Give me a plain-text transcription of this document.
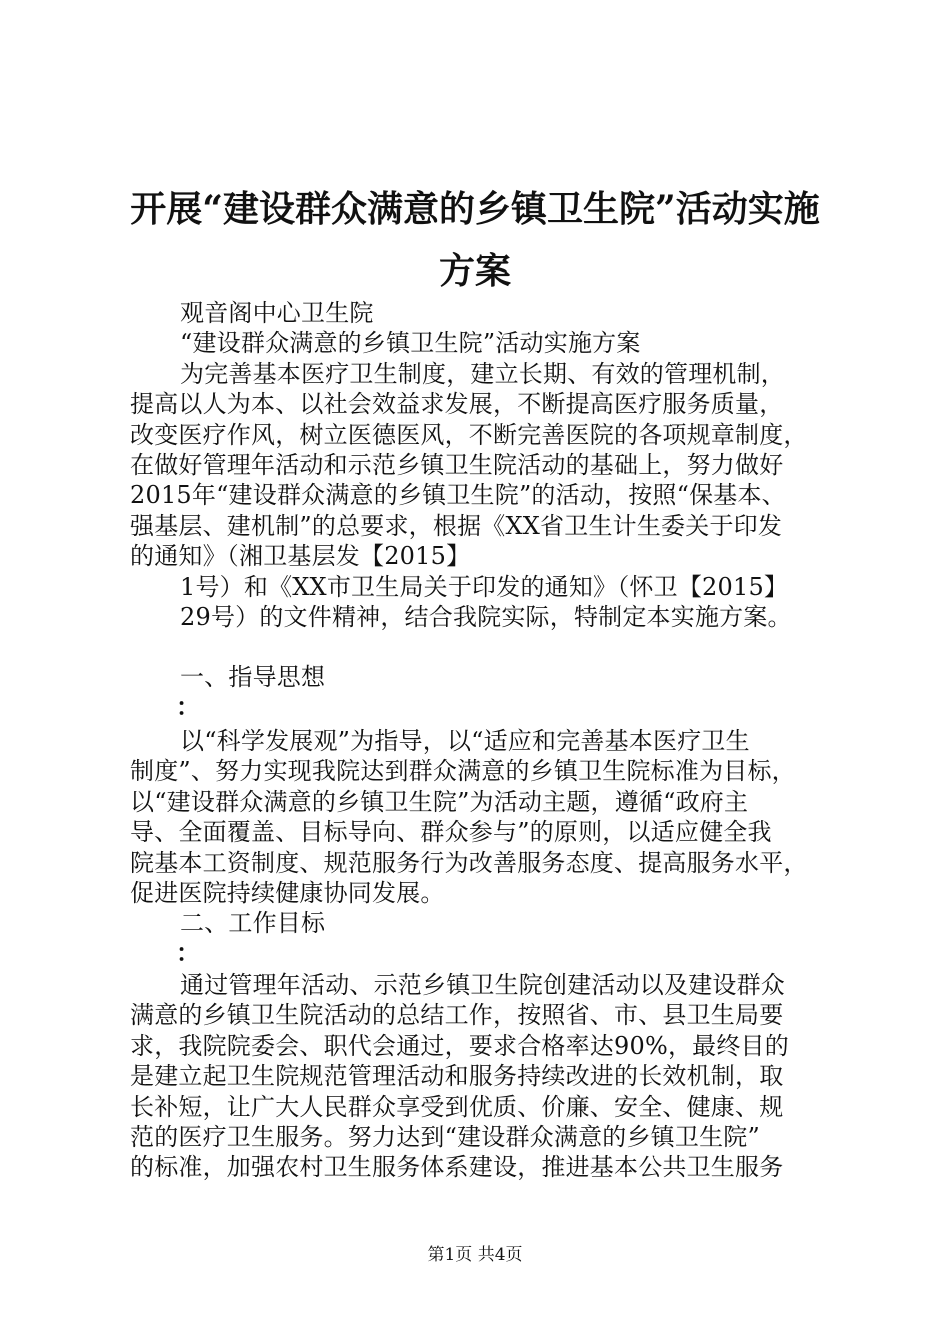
开展“建设群众满意的乡镇卫生院”活动实施
方案
观音阁中心卫生院
“建设群众满意的乡镇卫生院”活动实施方案
为完善基本医疗卫生制度，建立长期、有效的管理机制，
提高以人为本、以社会效益求发展，不断提高医疗服务质量，
改变医疗作风，树立医德医风，不断完善医院的各项规章制度，
在做好管理年活动和示范乡镇卫生院活动的基础上，努力做好
2015年“建设群众满意的乡镇卫生院”的活动，按照“保基本、
强基层、建机制”的总要求，根据《XX省卫生计生委关于印发
的通知》（湘卫基层发【2015】
1号）和《XX市卫生局关于印发的通知》（怀卫【2015】
29号）的文件精神，结合我院实际，特制定本实施方案。
一、指导思想
：
以“科学发展观”为指导，以“适应和完善基本医疗卫生
制度”、努力实现我院达到群众满意的乡镇卫生院标准为目标，
以“建设群众满意的乡镇卫生院”为活动主题，遵循“政府主
导、全面覆盖、目标导向、群众参与”的原则，以适应健全我
院基本工资制度、规范服务行为改善服务态度、提高服务水平，
促进医院持续健康协同发展。
二、工作目标
：
通过管理年活动、示范乡镇卫生院创建活动以及建设群众
满意的乡镇卫生院活动的总结工作，按照省、市、县卫生局要
求，我院院委会、职代会通过，要求合格率达90%，最终目的
是建立起卫生院规范管理活动和服务持续改进的长效机制，取
长补短，让广大人民群众享受到优质、价廉、安全、健康、规
范的医疗卫生服务。努力达到“建设群众满意的乡镇卫生院”
的标准，加强农村卫生服务体系建设，推进基本公共卫生服务
第1页 共4页
